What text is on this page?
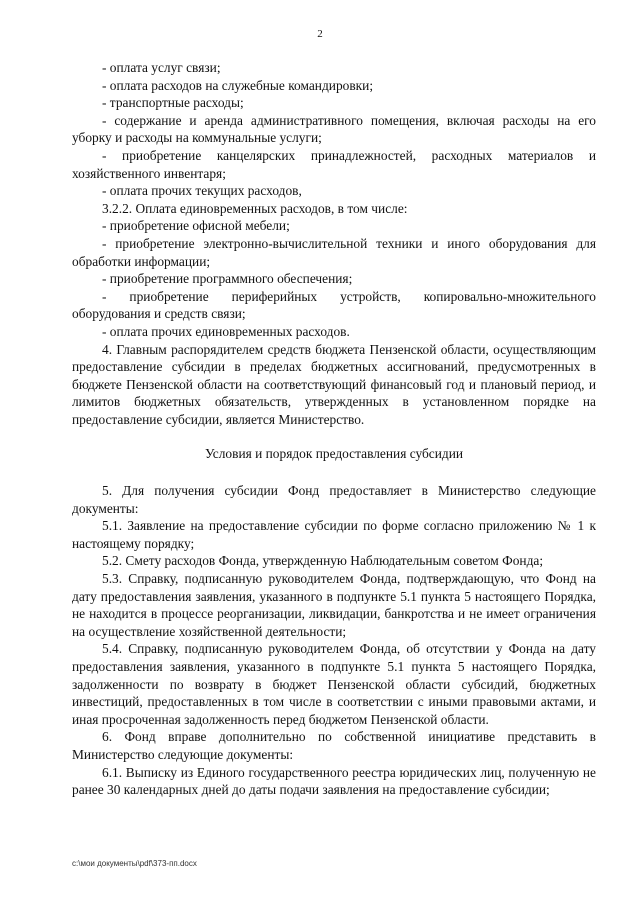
2

- оплата услуг связи;

- оплата расходов на служебные командировки;

- транспортные расходы;

- содержание и аренда административного помещения, включая расходы на его уборку и расходы на коммунальные услуги;

- приобретение канцелярских принадлежностей, расходных материалов и хозяйственного инвентаря;

- оплата прочих текущих расходов,

3.2.2. Оплата единовременных расходов, в том числе:

- приобретение офисной мебели;

- приобретение электронно-вычислительной техники и иного оборудования для обработки информации;

- приобретение программного обеспечения;

- приобретение периферийных устройств, копировально-множительного оборудования и средств связи;

- оплата прочих единовременных расходов.

4. Главным распорядителем средств бюджета Пензенской области, осуществляющим предоставление субсидии в пределах бюджетных ассигнований, предусмотренных в бюджете Пензенской области на соответствующий финансовый год и плановый период, и лимитов бюджетных обязательств, утвержденных в установленном порядке на предоставление субсидии, является Министерство.

Условия и порядок предоставления субсидии

5. Для получения субсидии Фонд предоставляет в Министерство следующие документы:

5.1. Заявление на предоставление субсидии по форме согласно приложению № 1 к настоящему порядку;

5.2. Смету расходов Фонда, утвержденную Наблюдательным советом Фонда;

5.3. Справку, подписанную руководителем Фонда, подтверждающую, что Фонд на дату предоставления заявления, указанного в подпункте 5.1 пункта 5 настоящего Порядка, не находится в процессе реорганизации, ликвидации, банкротства и не имеет ограничения на осуществление хозяйственной деятельности;

5.4. Справку, подписанную руководителем Фонда, об отсутствии у Фонда на дату предоставления заявления, указанного в подпункте 5.1 пункта 5 настоящего Порядка, задолженности по возврату в бюджет Пензенской области субсидий, бюджетных инвестиций, предоставленных в том числе в соответствии с иными правовыми актами, и иная просроченная задолженность перед бюджетом Пензенской области.

6. Фонд вправе дополнительно по собственной инициативе представить в Министерство следующие документы:

6.1. Выписку из Единого государственного реестра юридических лиц, полученную не ранее 30 календарных дней до даты подачи заявления на предоставление субсидии;

c:\мои документы\pdf\373-пп.docx
